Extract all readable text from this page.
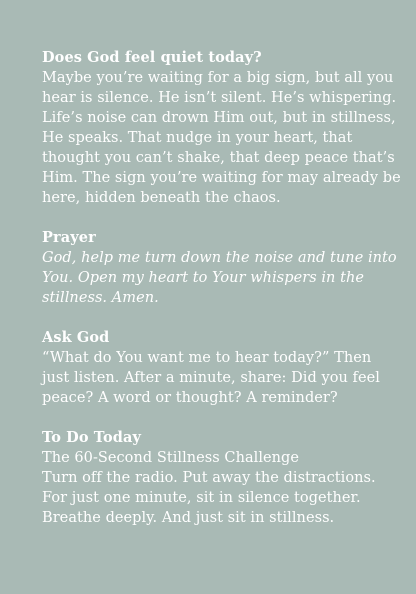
Does God feel quiet today?
Maybe you’re waiting for a big sign, but all you
hear is silence. He isn’t silent. He’s whispering.
Life’s noise can drown Him out, but in stillness,
He speaks. That nudge in your heart, that
thought you can’t shake, that deep peace that’s
Him. The sign you’re waiting for may already be
here, hidden beneath the chaos.
Prayer
God, help me turn down the noise and tune into
You. Open my heart to Your whispers in the
stillness. Amen.
Ask God
“What do You want me to hear today?” Then
just listen. After a minute, share: Did you feel
peace? A word or thought? A reminder?
To Do Today
The 60-Second Stillness Challenge
Turn off the radio. Put away the distractions.
For just one minute, sit in silence together.
Breathe deeply. And just sit in stillness.
